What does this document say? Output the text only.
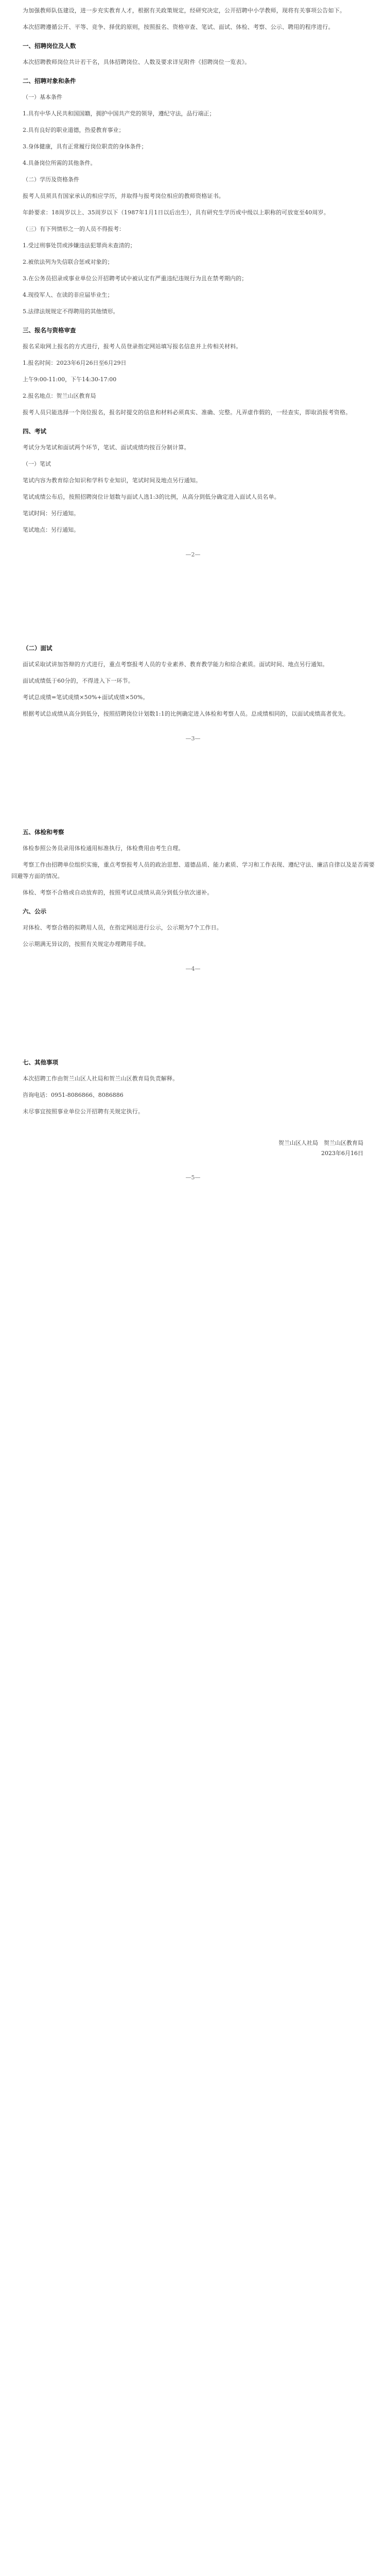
为加强教师队伍建设，进一步充实教育人才，根据有关政策规定，经研究决定，公开招聘中小学教师，现将有关事项公告如下。

本次招聘遵循公开、平等、竞争、择优的原则，按照报名、资格审查、笔试、面试、体检、考察、公示、聘用的程序进行。

一、招聘岗位及人数

本次招聘教师岗位共计若干名，具体招聘岗位、人数及要求详见附件《招聘岗位一览表》。

二、招聘对象和条件

（一）基本条件

1.具有中华人民共和国国籍，拥护中国共产党的领导，遵纪守法，品行端正；

2.具有良好的职业道德，热爱教育事业；

3.身体健康，具有正常履行岗位职责的身体条件；

4.具备岗位所需的其他条件。

（二）学历及资格条件

报考人员须具有国家承认的相应学历，并取得与报考岗位相应的教师资格证书。

年龄要求：18周岁以上、35周岁以下（1987年1月1日以后出生），具有研究生学历或中级以上职称的可放宽至40周岁。

（三）有下列情形之一的人员不得报考：

1.受过刑事处罚或涉嫌违法犯罪尚未查清的；

2.被依法列为失信联合惩戒对象的；

3.在公务员招录或事业单位公开招聘考试中被认定有严重违纪违规行为且在禁考期内的；

4.现役军人、在读的非应届毕业生；

5.法律法规规定不得聘用的其他情形。

三、报名与资格审查

报名采取网上报名的方式进行，报考人员登录指定网站填写报名信息并上传相关材料。

1.报名时间：2023年6月26日至6月29日

上午9:00-11:00，下午14:30-17:00

2.报名地点：贺兰山区教育局

报考人员只能选择一个岗位报名，报名时提交的信息和材料必须真实、准确、完整。凡弄虚作假的，一经查实，即取消报考资格。

四、考试

考试分为笔试和面试两个环节，笔试、面试成绩均按百分制计算。

（一）笔试

笔试内容为教育综合知识和学科专业知识，笔试时间及地点另行通知。

笔试成绩公布后，按照招聘岗位计划数与面试人选1:3的比例，从高分到低分确定进入面试人员名单。

笔试时间：另行通知。

笔试地点：另行通知。

—2—
（二）面试

面试采取试讲加答辩的方式进行，重点考察报考人员的专业素养、教育教学能力和综合素质。面试时间、地点另行通知。

面试成绩低于60分的，不得进入下一环节。

考试总成绩=笔试成绩×50%+面试成绩×50%。

根据考试总成绩从高分到低分，按照招聘岗位计划数1:1的比例确定进入体检和考察人员。总成绩相同的，以面试成绩高者优先。

—3—
五、体检和考察

体检参照公务员录用体检通用标准执行，体检费用由考生自理。

考察工作由招聘单位组织实施，重点考察报考人员的政治思想、道德品质、能力素质、学习和工作表现、遵纪守法、廉洁自律以及是否需要回避等方面的情况。

体检、考察不合格或自动放弃的，按照考试总成绩从高分到低分依次递补。

六、公示

对体检、考察合格的拟聘用人员，在指定网站进行公示，公示期为7个工作日。

公示期满无异议的，按照有关规定办理聘用手续。

—4—
七、其他事项

本次招聘工作由贺兰山区人社局和贺兰山区教育局负责解释。

咨询电话：0951-8086866、8086886

未尽事宜按照事业单位公开招聘有关规定执行。

贺兰山区人社局　贺兰山区教育局
2023年6月16日
—5—
